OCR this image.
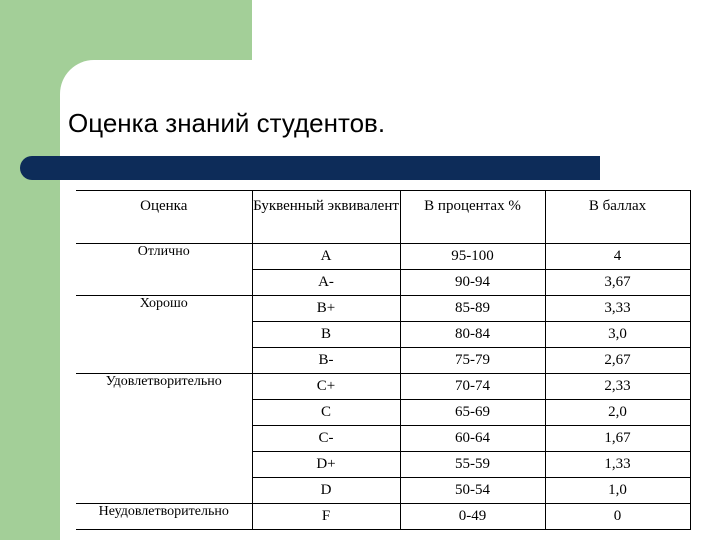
Оценка знаний студентов.
Оценка	Буквенный эквивалент	В процентах %	В баллах
Отлично	A	95-100	4
	A-	90-94	3,67
Хорошо	B+	85-89	3,33
	B	80-84	3,0
	B-	75-79	2,67
Удовлетворительно	C+	70-74	2,33
	C	65-69	2,0
	C-	60-64	1,67
	D+	55-59	1,33
	D	50-54	1,0
Неудовлетворительно	F	0-49	0
